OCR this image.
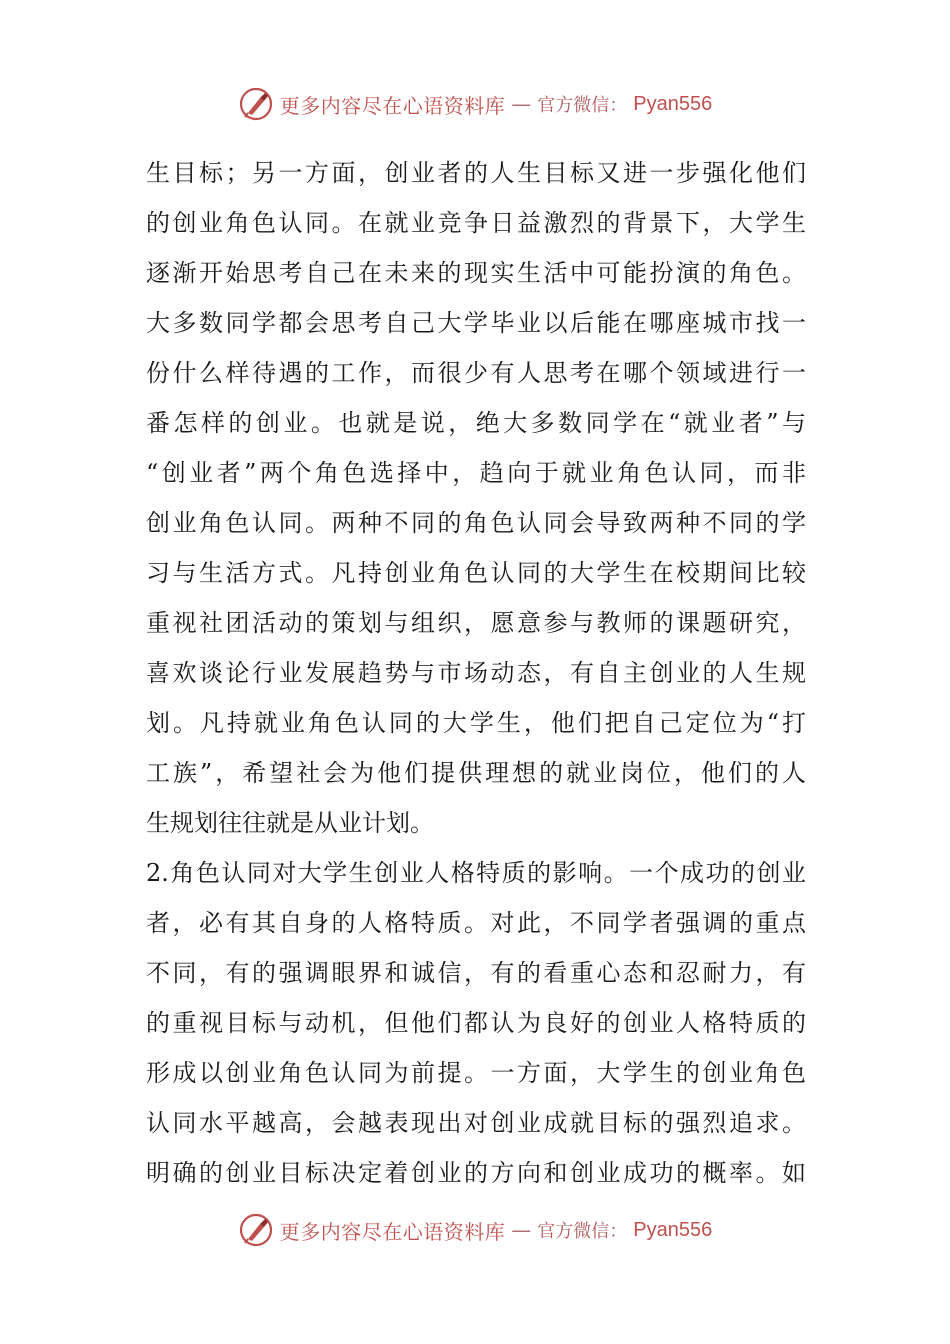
更多内容尽在心语资料库 — 官方微信： Pyan556
生目标；另一方面，创业者的人生目标又进一步强化他们
的创业角色认同。在就业竞争日益激烈的背景下，大学生
逐渐开始思考自己在未来的现实生活中可能扮演的角色。
大多数同学都会思考自己大学毕业以后能在哪座城市找一
份什么样待遇的工作，而很少有人思考在哪个领域进行一
番怎样的创业。也就是说，绝大多数同学在“就业者”与
“创业者”两个角色选择中，趋向于就业角色认同，而非
创业角色认同。两种不同的角色认同会导致两种不同的学
习与生活方式。凡持创业角色认同的大学生在校期间比较
重视社团活动的策划与组织，愿意参与教师的课题研究，
喜欢谈论行业发展趋势与市场动态，有自主创业的人生规
划。凡持就业角色认同的大学生，他们把自己定位为“打
工族”，希望社会为他们提供理想的就业岗位，他们的人
生规划往往就是从业计划。
2.角色认同对大学生创业人格特质的影响。一个成功的创业
者，必有其自身的人格特质。对此，不同学者强调的重点
不同，有的强调眼界和诚信，有的看重心态和忍耐力，有
的重视目标与动机，但他们都认为良好的创业人格特质的
形成以创业角色认同为前提。一方面，大学生的创业角色
认同水平越高，会越表现出对创业成就目标的强烈追求。
明确的创业目标决定着创业的方向和创业成功的概率。如
更多内容尽在心语资料库 — 官方微信： Pyan556
